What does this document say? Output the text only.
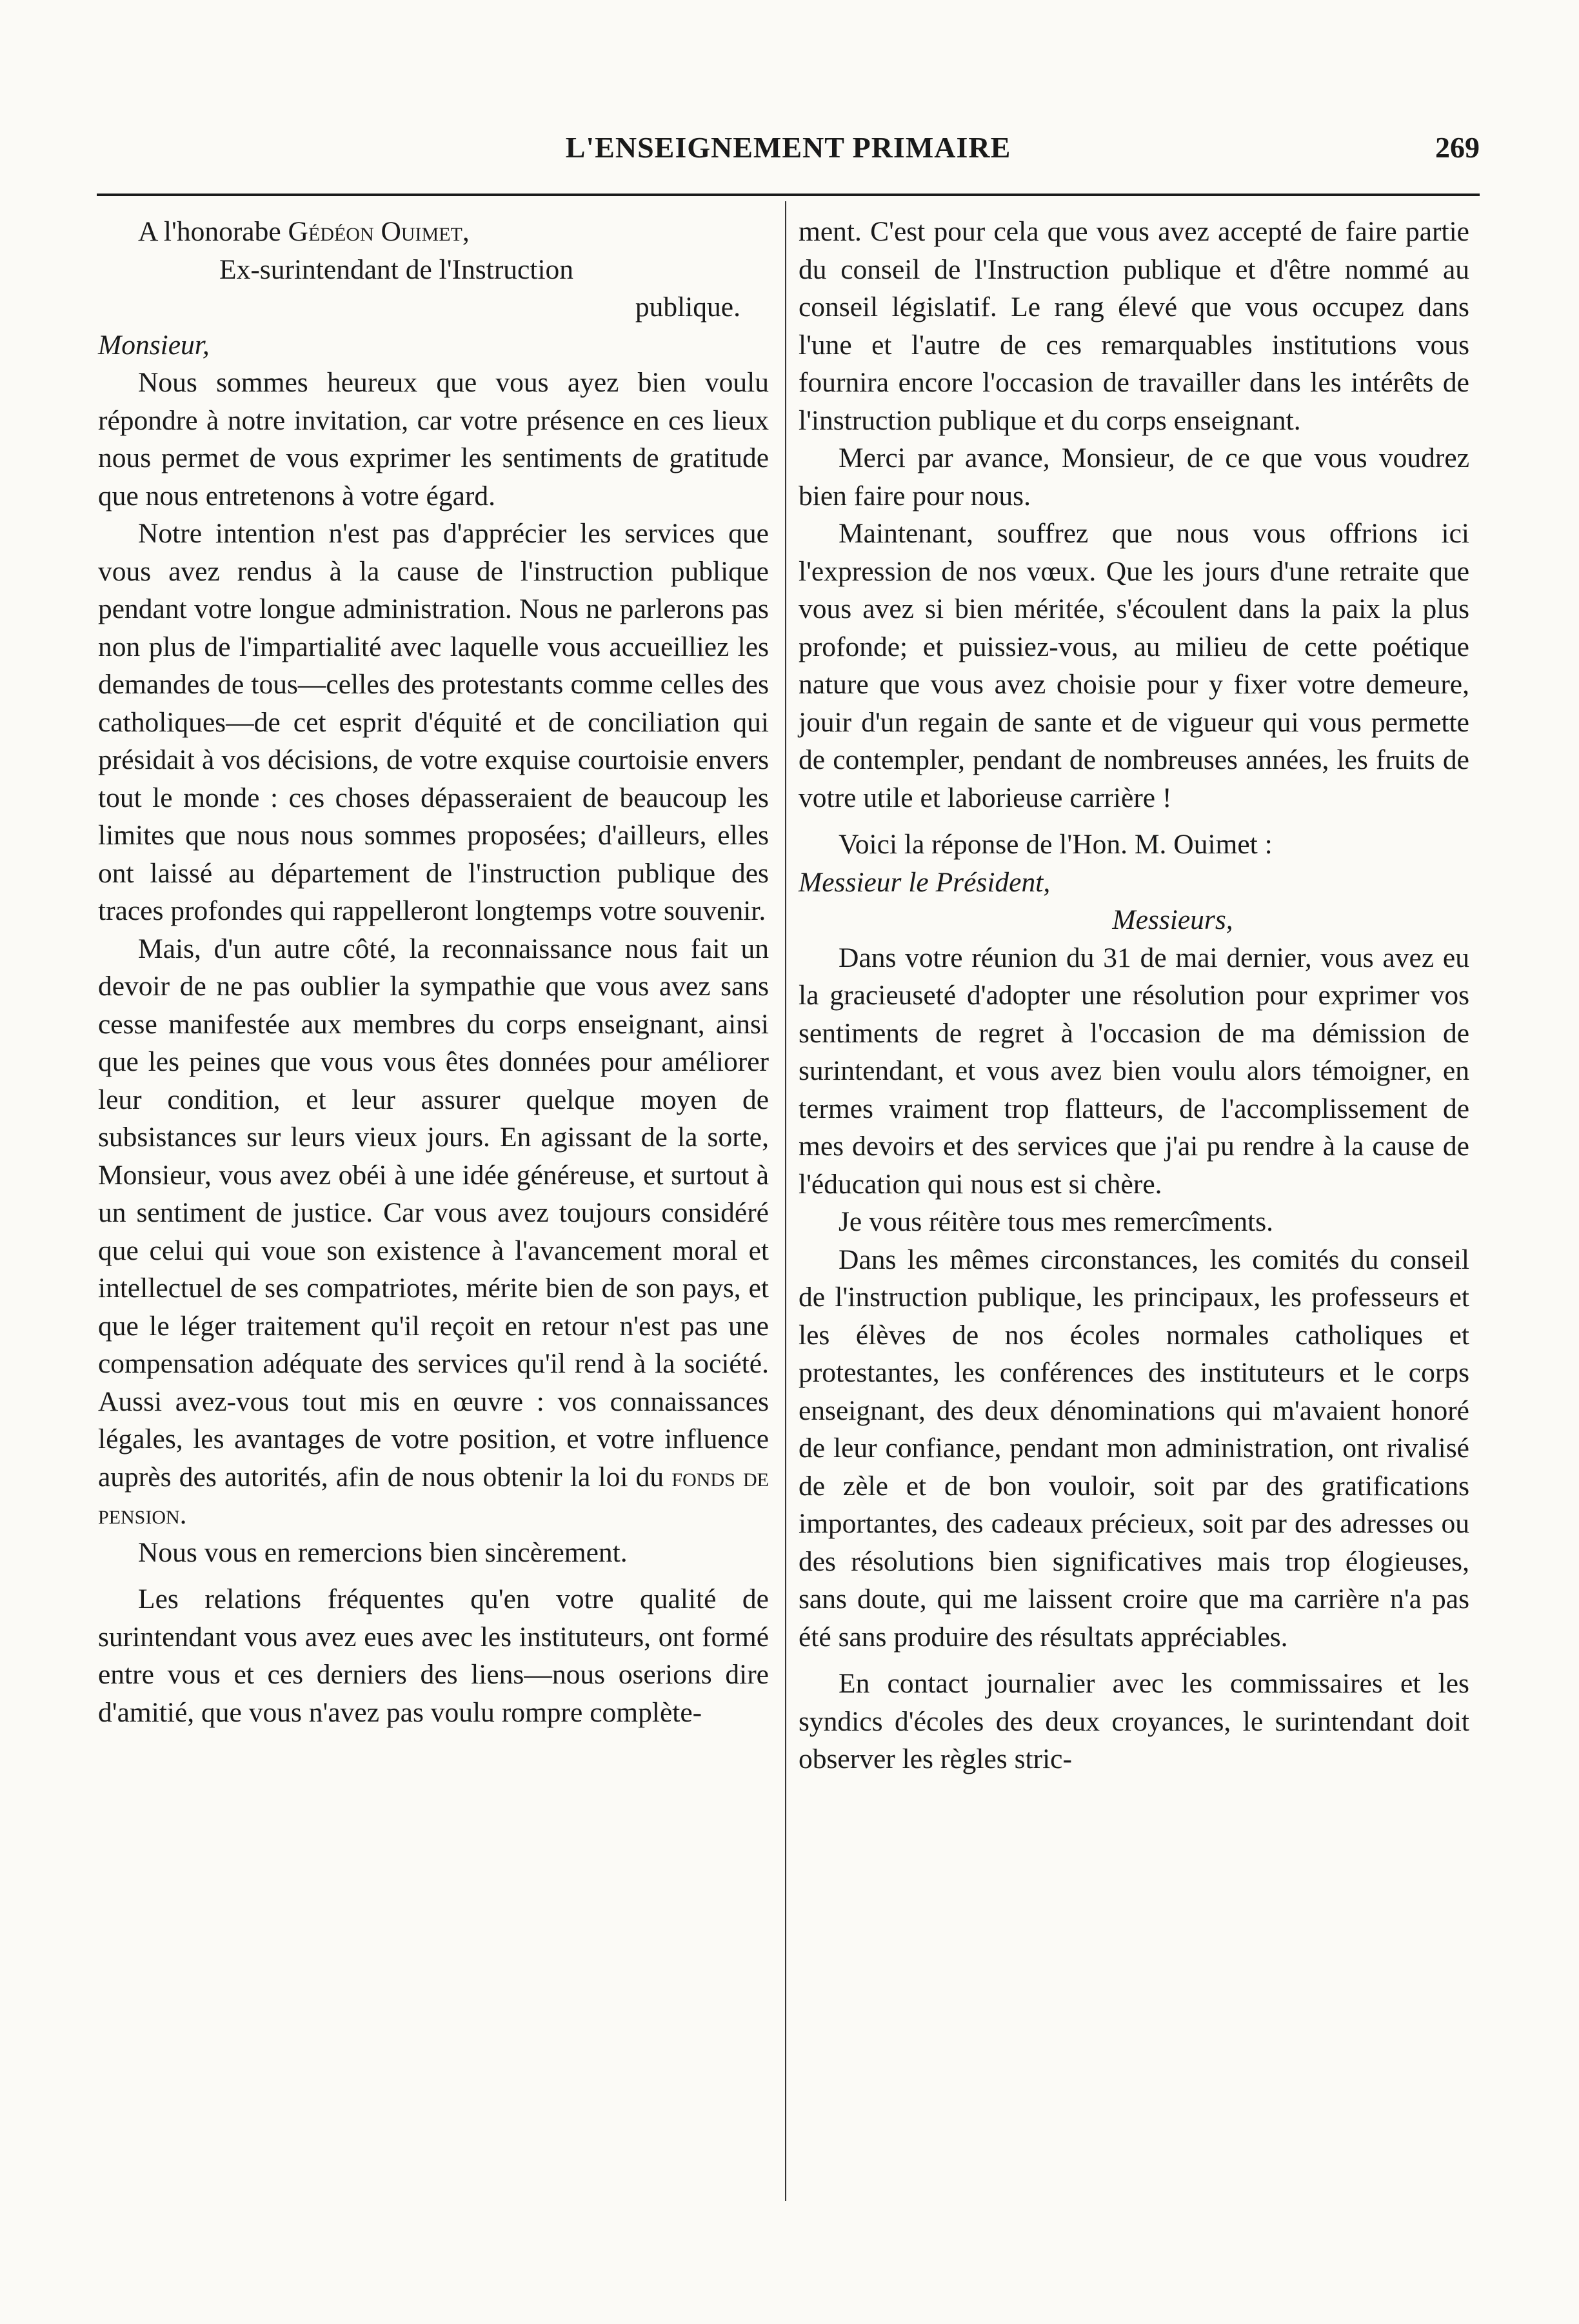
L'ENSEIGNEMENT PRIMAIRE	269

A l'honorabe Gédéon Ouimet,

Ex-surintendant de l'Instruction

publique.

Monsieur,

Nous sommes heureux que vous ayez bien voulu répondre à notre invitation, car votre présence en ces lieux nous permet de vous exprimer les sentiments de gratitude que nous entretenons à votre égard.

Notre intention n'est pas d'apprécier les services que vous avez rendus à la cause de l'instruction publique pendant votre longue administration. Nous ne parlerons pas non plus de l'impartialité avec laquelle vous accueilliez les demandes de tous—celles des protestants comme celles des catholiques—de cet esprit d'équité et de conciliation qui présidait à vos décisions, de votre exquise courtoisie envers tout le monde : ces choses dépasseraient de beaucoup les limites que nous nous sommes proposées; d'ailleurs, elles ont laissé au département de l'instruction publique des traces profondes qui rappelleront longtemps votre souvenir.

Mais, d'un autre côté, la reconnaissance nous fait un devoir de ne pas oublier la sympathie que vous avez sans cesse manifestée aux membres du corps enseignant, ainsi que les peines que vous vous êtes données pour améliorer leur condition, et leur assurer quelque moyen de subsistances sur leurs vieux jours. En agissant de la sorte, Monsieur, vous avez obéi à une idée généreuse, et surtout à un sentiment de justice. Car vous avez toujours considéré que celui qui voue son existence à l'avancement moral et intellectuel de ses compatriotes, mérite bien de son pays, et que le léger traitement qu'il reçoit en retour n'est pas une compensation adéquate des services qu'il rend à la société. Aussi avez-vous tout mis en œuvre : vos connaissances légales, les avantages de votre position, et votre influence auprès des autorités, afin de nous obtenir la loi du fonds de pension.

Nous vous en remercions bien sincèrement.

Les relations fréquentes qu'en votre qualité de surintendant vous avez eues avec les instituteurs, ont formé entre vous et ces derniers des liens—nous oserions dire d'amitié, que vous n'avez pas voulu rompre complète-

ment. C'est pour cela que vous avez accepté de faire partie du conseil de l'Instruction publique et d'être nommé au conseil législatif. Le rang élevé que vous occupez dans l'une et l'autre de ces remarquables institutions vous fournira encore l'occasion de travailler dans les intérêts de l'instruction publique et du corps enseignant.

Merci par avance, Monsieur, de ce que vous voudrez bien faire pour nous.

Maintenant, souffrez que nous vous offrions ici l'expression de nos vœux. Que les jours d'une retraite que vous avez si bien méritée, s'écoulent dans la paix la plus profonde; et puissiez-vous, au milieu de cette poétique nature que vous avez choisie pour y fixer votre demeure, jouir d'un regain de sante et de vigueur qui vous permette de contempler, pendant de nombreuses années, les fruits de votre utile et laborieuse carrière !

Voici la réponse de l'Hon. M. Ouimet :

Messieur le Président,

Messieurs,

Dans votre réunion du 31 de mai dernier, vous avez eu la gracieuseté d'adopter une résolution pour exprimer vos sentiments de regret à l'occasion de ma démission de surintendant, et vous avez bien voulu alors témoigner, en termes vraiment trop flatteurs, de l'accomplissement de mes devoirs et des services que j'ai pu rendre à la cause de l'éducation qui nous est si chère.

Je vous réitère tous mes remercîments.

Dans les mêmes circonstances, les comités du conseil de l'instruction publique, les principaux, les professeurs et les élèves de nos écoles normales catholiques et protestantes, les conférences des instituteurs et le corps enseignant, des deux dénominations qui m'avaient honoré de leur confiance, pendant mon administration, ont rivalisé de zèle et de bon vouloir, soit par des gratifications importantes, des cadeaux précieux, soit par des adresses ou des résolutions bien significatives mais trop élogieuses, sans doute, qui me laissent croire que ma carrière n'a pas été sans produire des résultats appréciables.

En contact journalier avec les commissaires et les syndics d'écoles des deux croyances, le surintendant doit observer les règles stric-
